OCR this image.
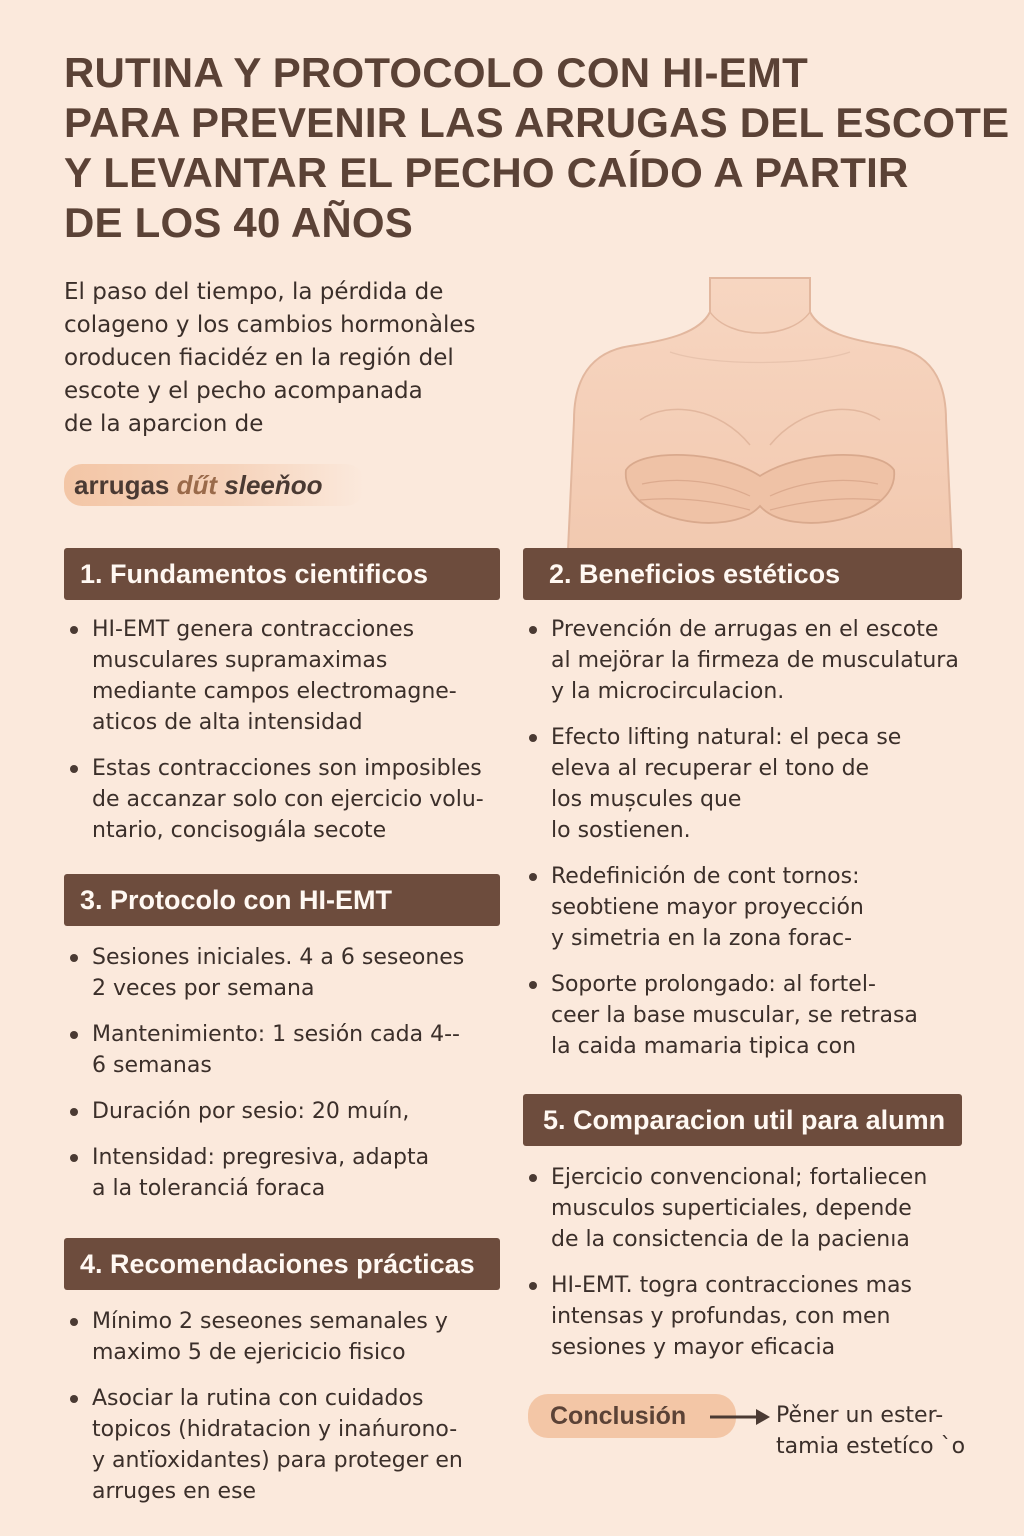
RUTINA Y PROTOCOLO CON HI-EMT
PARA PREVENIR LAS ARRUGAS DEL ESCOTE
Y LEVANTAR EL PECHO CAÍDO A PARTIR
DE LOS 40 AÑOS

El paso del tiempo, la pérdida de
colageno y los cambios hormonàles
oroducen fiacidéz en la región del
escote y el pecho acompanada
de la aparcion de

arrugas dűt sleeňoo
1. Fundamentos cientificos
HI-EMT genera contracciones
musculares supramaximas
mediante campos electromagne-
aticos de alta intensidad
Estas contracciones son imposibles
de accanzar solo con ejercicio volu-
ntario, concisogıála secote
2. Beneficios estéticos
Prevención de arrugas en el escote
al mejörar la firmeza de musculatura
y la microcirculacion.
Efecto lifting natural: el peca se
eleva al recuperar el tono de
los mușcules que
lo sostienen.
Redefinición de cont tornos:
seobtiene mayor proyección
y simetria en la zona forac-
Soporte prolongado: al fortel-
ceer la base muscular, se retrasa
la caida mamaria tipica con
3. Protocolo con HI-EMT
Sesiones iniciales. 4 a 6 seseones
2 veces por semana
Mantenimiento: 1 sesión cada 4--
6 semanas
Duración por sesio: 20 muín,
Intensidad: pregresiva, adapta
a la toleranciá foraca
4. Recomendaciones prácticas
Mínimo 2 seseones semanales y
maximo 5 de ejericicio fisico
Asociar la rutina con cuidados
topicos (hidratacion y inańurono-
y antïoxidantes) para proteger en
arruges en ese
5. Comparacion util para alumn
Ejercicio convencional; fortaliecen
musculos superticiales, depende
de la consictencia de la pacienıa
HI-EMT. togra contracciones mas
intensas y profundas, con men
sesiones y mayor eficacia
Conclusión	Pěner un ester-
tamia estetíco `o
